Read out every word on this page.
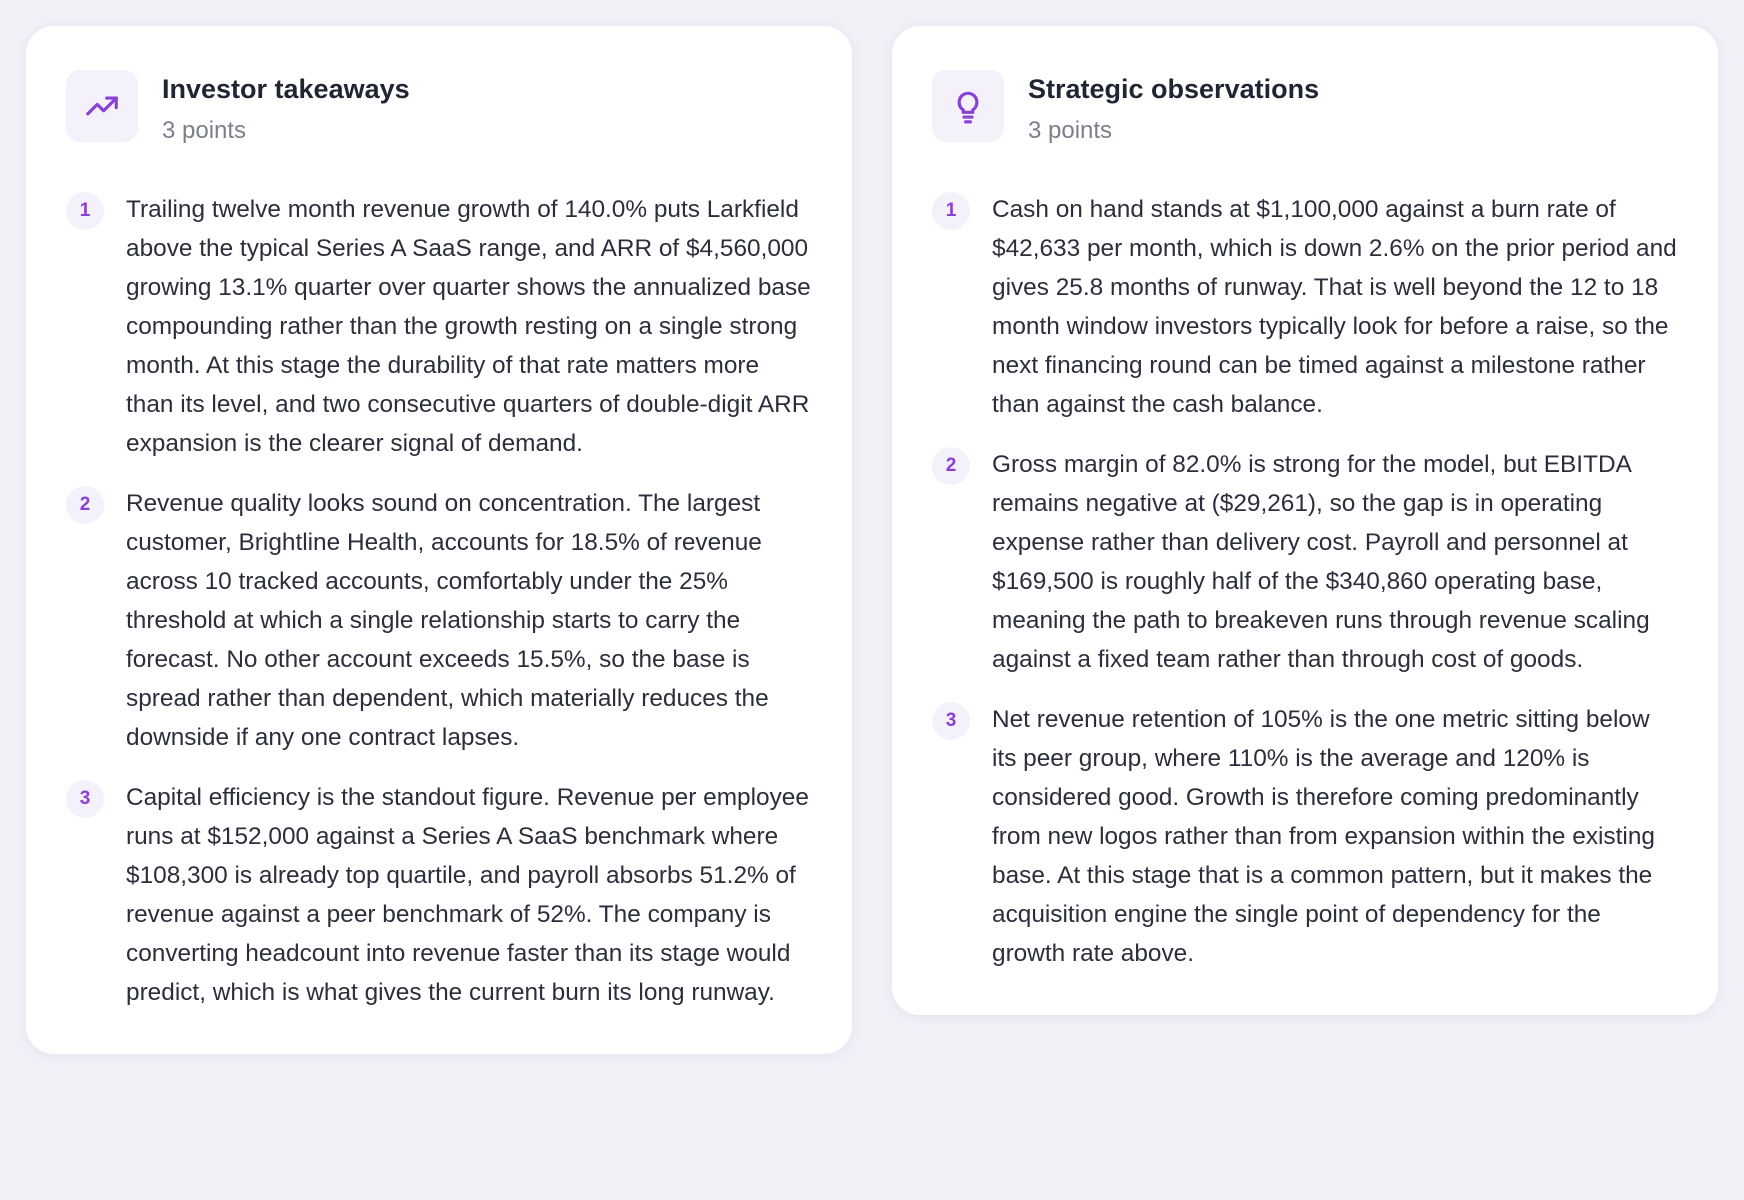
Investor takeaways
3 points
1	Trailing twelve month revenue growth of 140.0% puts Larkfield above the typical Series A SaaS range, and ARR of $4,560,000 growing 13.1% quarter over quarter shows the annualized base compounding rather than the growth resting on a single strong month. At this stage the durability of that rate matters more than its level, and two consecutive quarters of double-digit ARR expansion is the clearer signal of demand.
2	Revenue quality looks sound on concentration. The largest customer, Brightline Health, accounts for 18.5% of revenue across 10 tracked accounts, comfortably under the 25% threshold at which a single relationship starts to carry the forecast. No other account exceeds 15.5%, so the base is spread rather than dependent, which materially reduces the downside if any one contract lapses.
3	Capital efficiency is the standout figure. Revenue per employee runs at $152,000 against a Series A SaaS benchmark where $108,300 is already top quartile, and payroll absorbs 51.2% of revenue against a peer benchmark of 52%. The company is converting headcount into revenue faster than its stage would predict, which is what gives the current burn its long runway.
Strategic observations
3 points
1	Cash on hand stands at $1,100,000 against a burn rate of $42,633 per month, which is down 2.6% on the prior period and gives 25.8 months of runway. That is well beyond the 12 to 18 month window investors typically look for before a raise, so the next financing round can be timed against a milestone rather than against the cash balance.
2	Gross margin of 82.0% is strong for the model, but EBITDA remains negative at ($29,261), so the gap is in operating expense rather than delivery cost. Payroll and personnel at $169,500 is roughly half of the $340,860 operating base, meaning the path to breakeven runs through revenue scaling against a fixed team rather than through cost of goods.
3	Net revenue retention of 105% is the one metric sitting below its peer group, where 110% is the average and 120% is considered good. Growth is therefore coming predominantly from new logos rather than from expansion within the existing base. At this stage that is a common pattern, but it makes the acquisition engine the single point of dependency for the growth rate above.
